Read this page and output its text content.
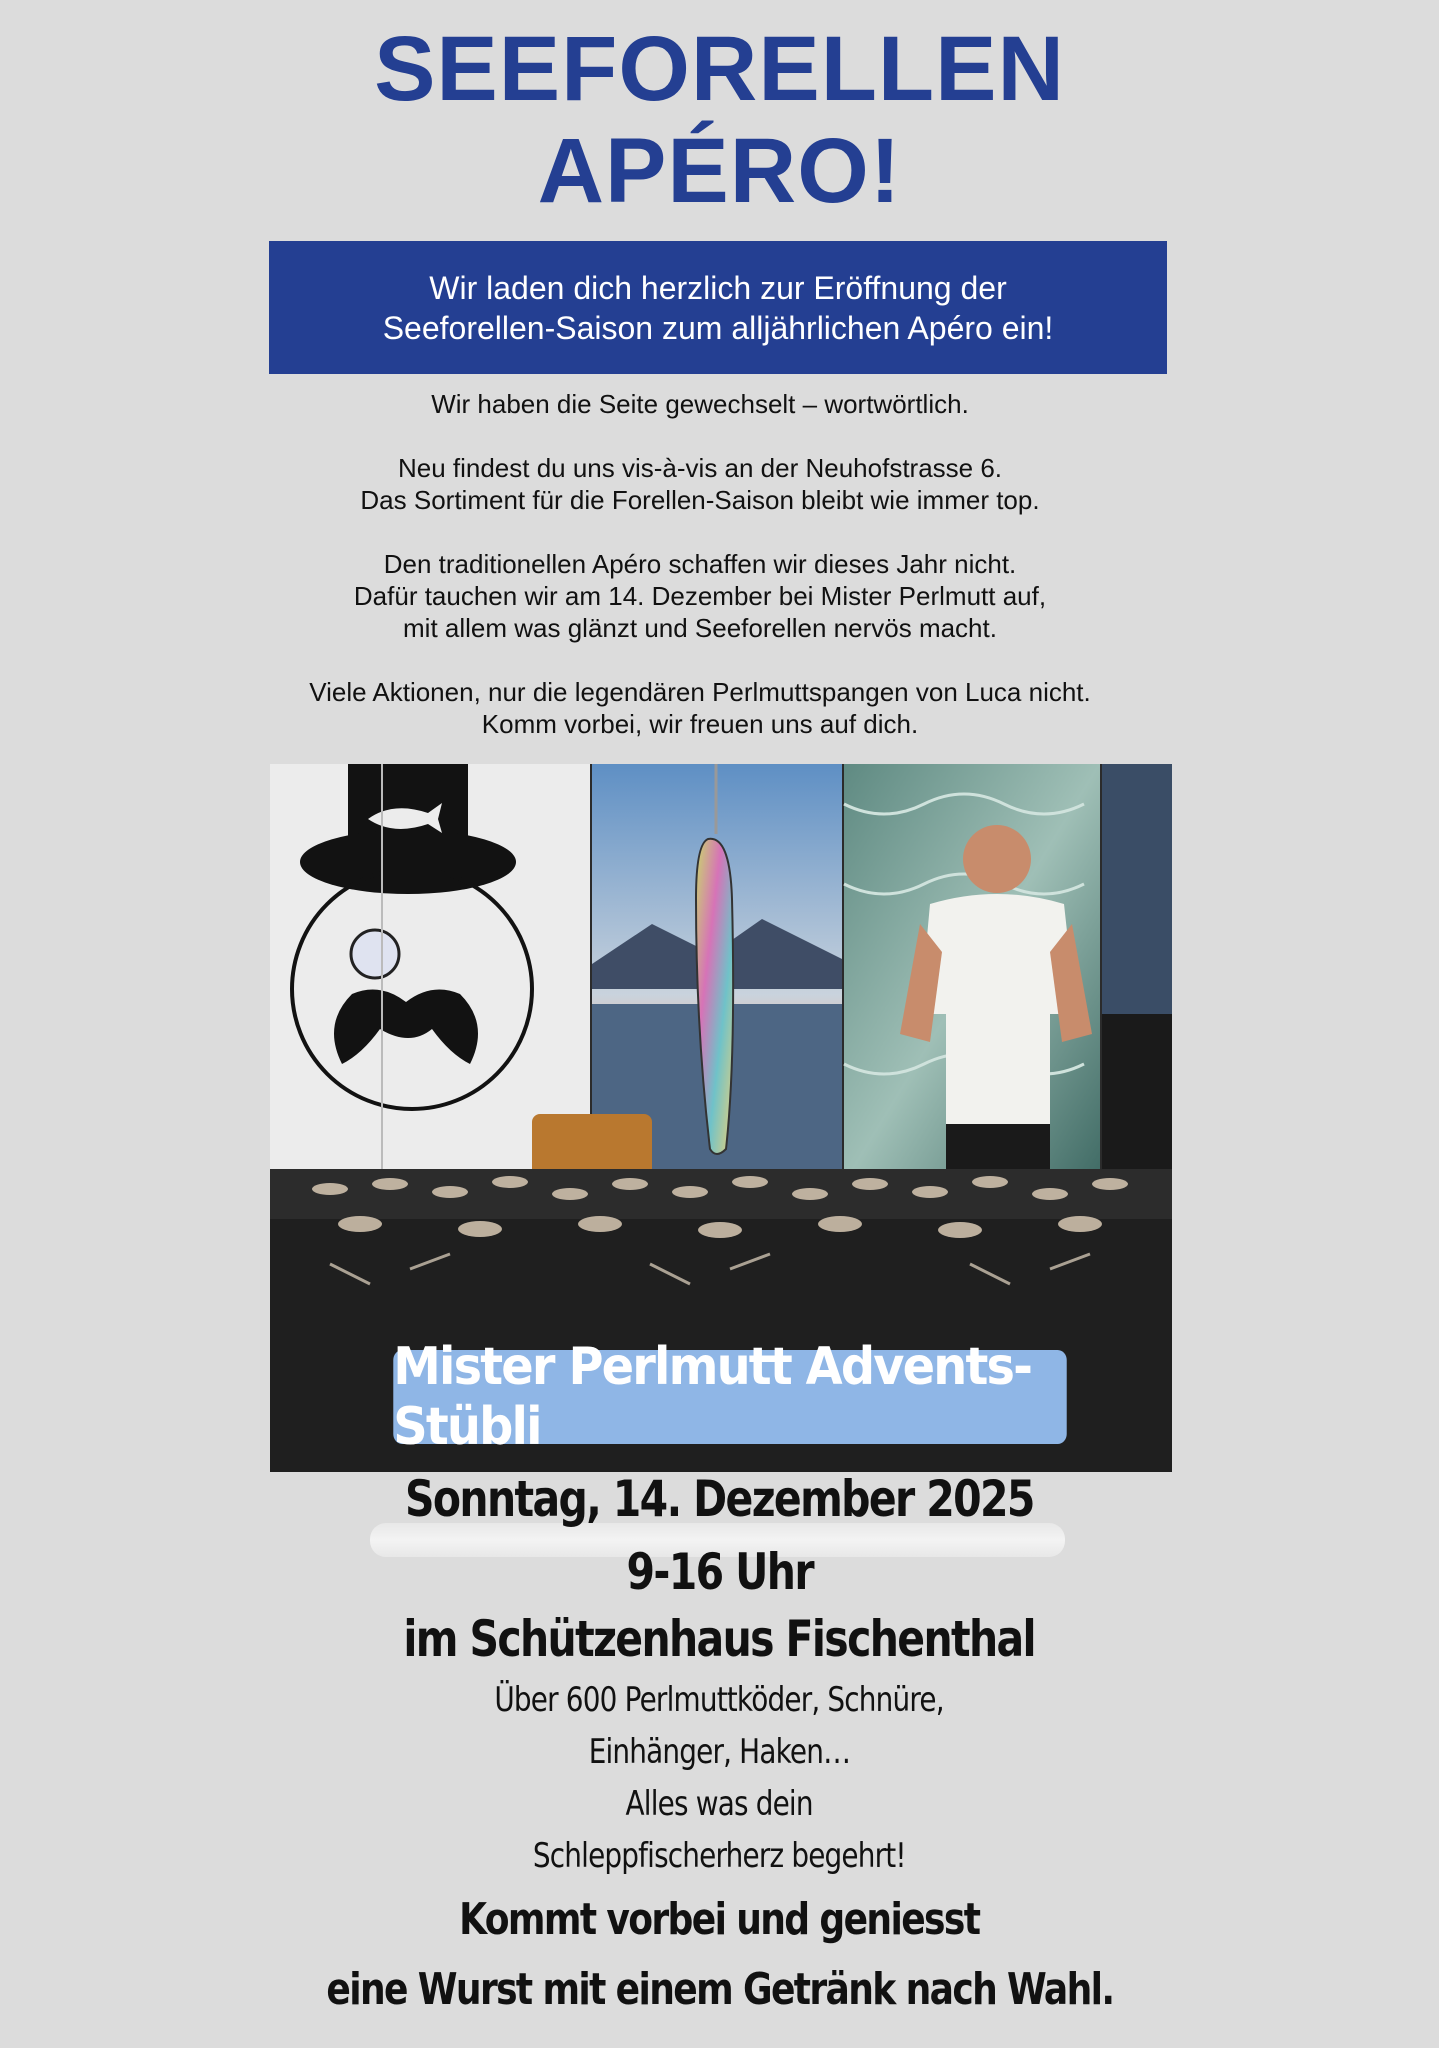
SEEFORELLEN
APÉRO!
Wir laden dich herzlich zur Eröffnung der
Seeforellen-Saison zum alljährlichen Apéro ein!
Wir haben die Seite gewechselt – wortwörtlich.
Neu findest du uns vis-à-vis an der Neuhofstrasse 6.
Das Sortiment für die Forellen-Saison bleibt wie immer top.
Den traditionellen Apéro schaffen wir dieses Jahr nicht.
Dafür tauchen wir am 14. Dezember bei Mister Perlmutt auf,
mit allem was glänzt und Seeforellen nervös macht.
Viele Aktionen, nur die legendären Perlmuttspangen von Luca nicht.
Komm vorbei, wir freuen uns auf dich.
Mister Perlmutt Advents-Stübli
Sonntag, 14. Dezember 2025
9-16 Uhr
im Schützenhaus Fischenthal
Über 600 Perlmuttköder, Schnüre,
Einhänger, Haken…
Alles was dein
Schleppfischerherz begehrt!
Kommt vorbei und geniesst
eine Wurst mit einem Getränk nach Wahl.
